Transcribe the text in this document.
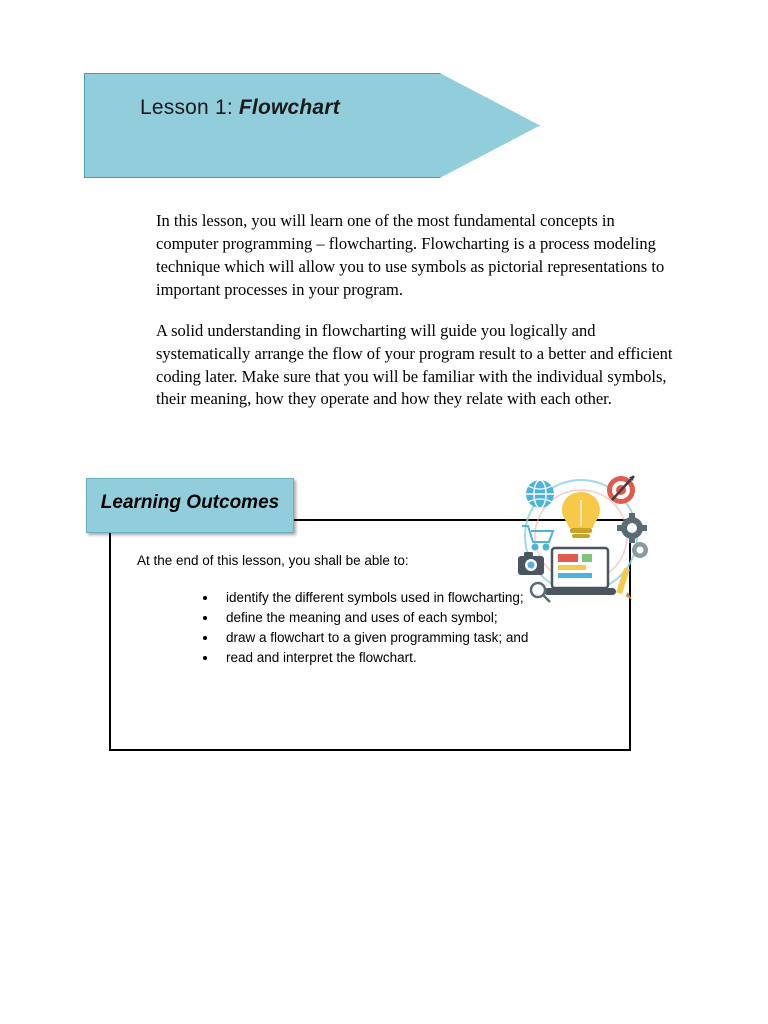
Lesson 1: Flowchart

In this lesson, you will learn one of the most fundamental concepts in computer programming – flowcharting. Flowcharting is a process modeling technique which will allow you to use symbols as pictorial representations to important processes in your program.

A solid understanding in flowcharting will guide you logically and systematically arrange the flow of your program result to a better and efficient coding later. Make sure that you will be familiar with the individual symbols, their meaning, how they operate and how they relate with each other.

Learning Outcomes
At the end of this lesson, you shall be able to:
• identify the different symbols used in flowcharting;
• define the meaning and uses of each symbol;
• draw a flowchart to a given programming task; and
• read and interpret the flowchart.
